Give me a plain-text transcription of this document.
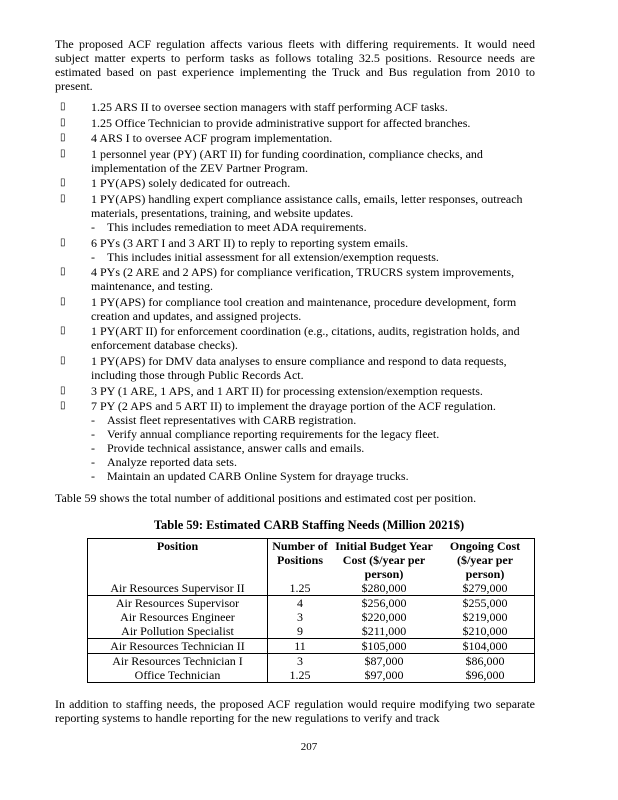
The proposed ACF regulation affects various fleets with differing requirements. It would need subject matter experts to perform tasks as follows totaling 32.5 positions. Resource needs are estimated based on past experience implementing the Truck and Bus regulation from 2010 to present.
▯ 1.25 ARS II to oversee section managers with staff performing ACF tasks.
▯ 1.25 Office Technician to provide administrative support for affected branches.
▯ 4 ARS I to oversee ACF program implementation.
▯ 1 personnel year (PY) (ART II) for funding coordination, compliance checks, and implementation of the ZEV Partner Program.
▯ 1 PY(APS) solely dedicated for outreach.
▯ 1 PY(APS) handling expert compliance assistance calls, emails, letter responses, outreach materials, presentations, training, and website updates.
- This includes remediation to meet ADA requirements.
▯ 6 PYs (3 ART I and 3 ART II) to reply to reporting system emails.
- This includes initial assessment for all extension/exemption requests.
▯ 4 PYs (2 ARE and 2 APS) for compliance verification, TRUCRS system improvements, maintenance, and testing.
▯ 1 PY(APS) for compliance tool creation and maintenance, procedure development, form creation and updates, and assigned projects.
▯ 1 PY(ART II) for enforcement coordination (e.g., citations, audits, registration holds, and enforcement database checks).
▯ 1 PY(APS) for DMV data analyses to ensure compliance and respond to data requests, including those through Public Records Act.
▯ 3 PY (1 ARE, 1 APS, and 1 ART II) for processing extension/exemption requests.
▯ 7 PY (2 APS and 5 ART II) to implement the drayage portion of the ACF regulation.
- Assist fleet representatives with CARB registration.
- Verify annual compliance reporting requirements for the legacy fleet.
- Provide technical assistance, answer calls and emails.
- Analyze reported data sets.
- Maintain an updated CARB Online System for drayage trucks.
Table 59 shows the total number of additional positions and estimated cost per position.
Table 59: Estimated CARB Staffing Needs (Million 2021$)
Position	Number of Positions	Initial Budget Year Cost ($/year per person)	Ongoing Cost ($/year per person)
Air Resources Supervisor II	1.25	$280,000	$279,000
Air Resources Supervisor	4	$256,000	$255,000
Air Resources Engineer	3	$220,000	$219,000
Air Pollution Specialist	9	$211,000	$210,000
Air Resources Technician II	11	$105,000	$104,000
Air Resources Technician I	3	$87,000	$86,000
Office Technician	1.25	$97,000	$96,000
In addition to staffing needs, the proposed ACF regulation would require modifying two separate reporting systems to handle reporting for the new regulations to verify and track
207
